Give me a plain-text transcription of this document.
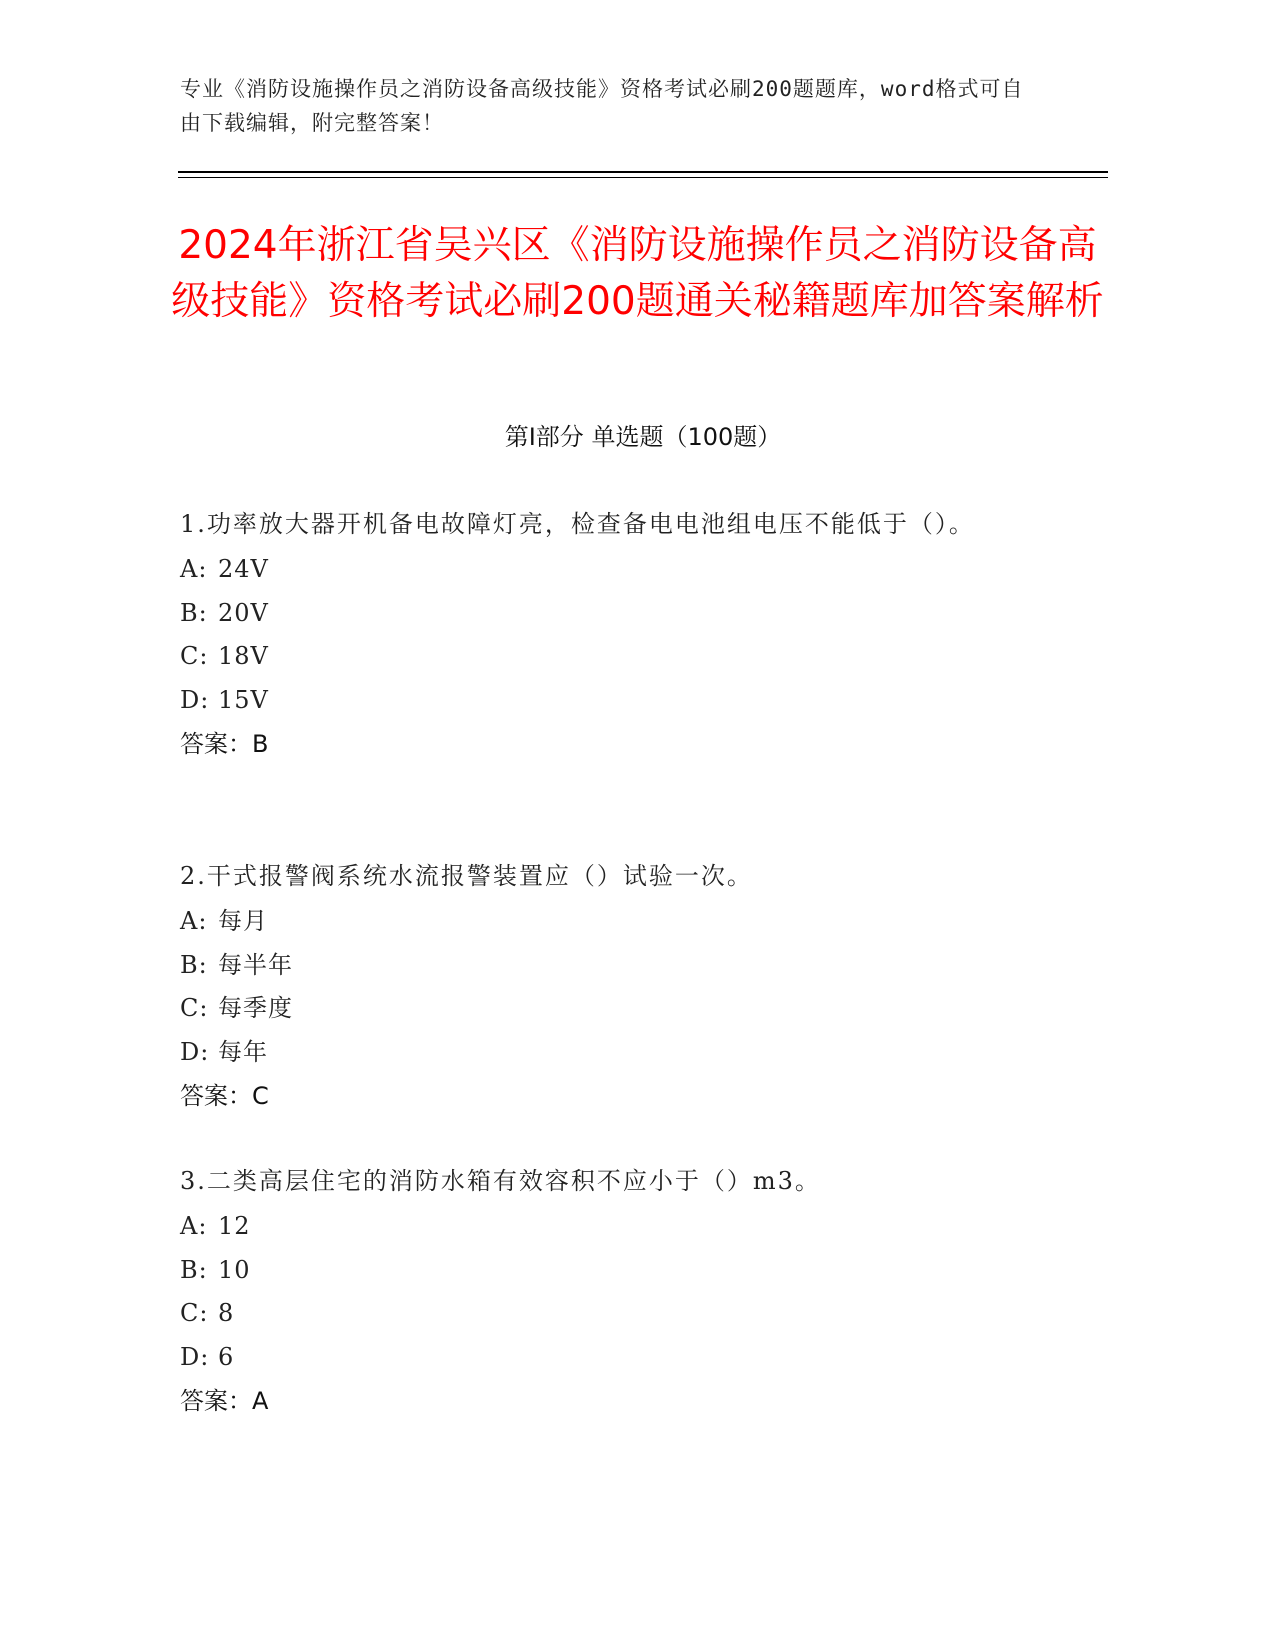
专业《消防设施操作员之消防设备高级技能》资格考试必刷200题题库，word格式可自由下载编辑，附完整答案！
2024年浙江省吴兴区《消防设施操作员之消防设备高级技能》资格考试必刷200题通关秘籍题库加答案解析
第Ⅰ部分 单选题（100题）
1.功率放大器开机备电故障灯亮，检查备电电池组电压不能低于（）。
A: 24V
B: 20V
C: 18V
D: 15V
答案：B
2.干式报警阀系统水流报警装置应（）试验一次。
A: 每月
B: 每半年
C: 每季度
D: 每年
答案：C
3.二类高层住宅的消防水箱有效容积不应小于（）m3。
A: 12
B: 10
C: 8
D: 6
答案：A
